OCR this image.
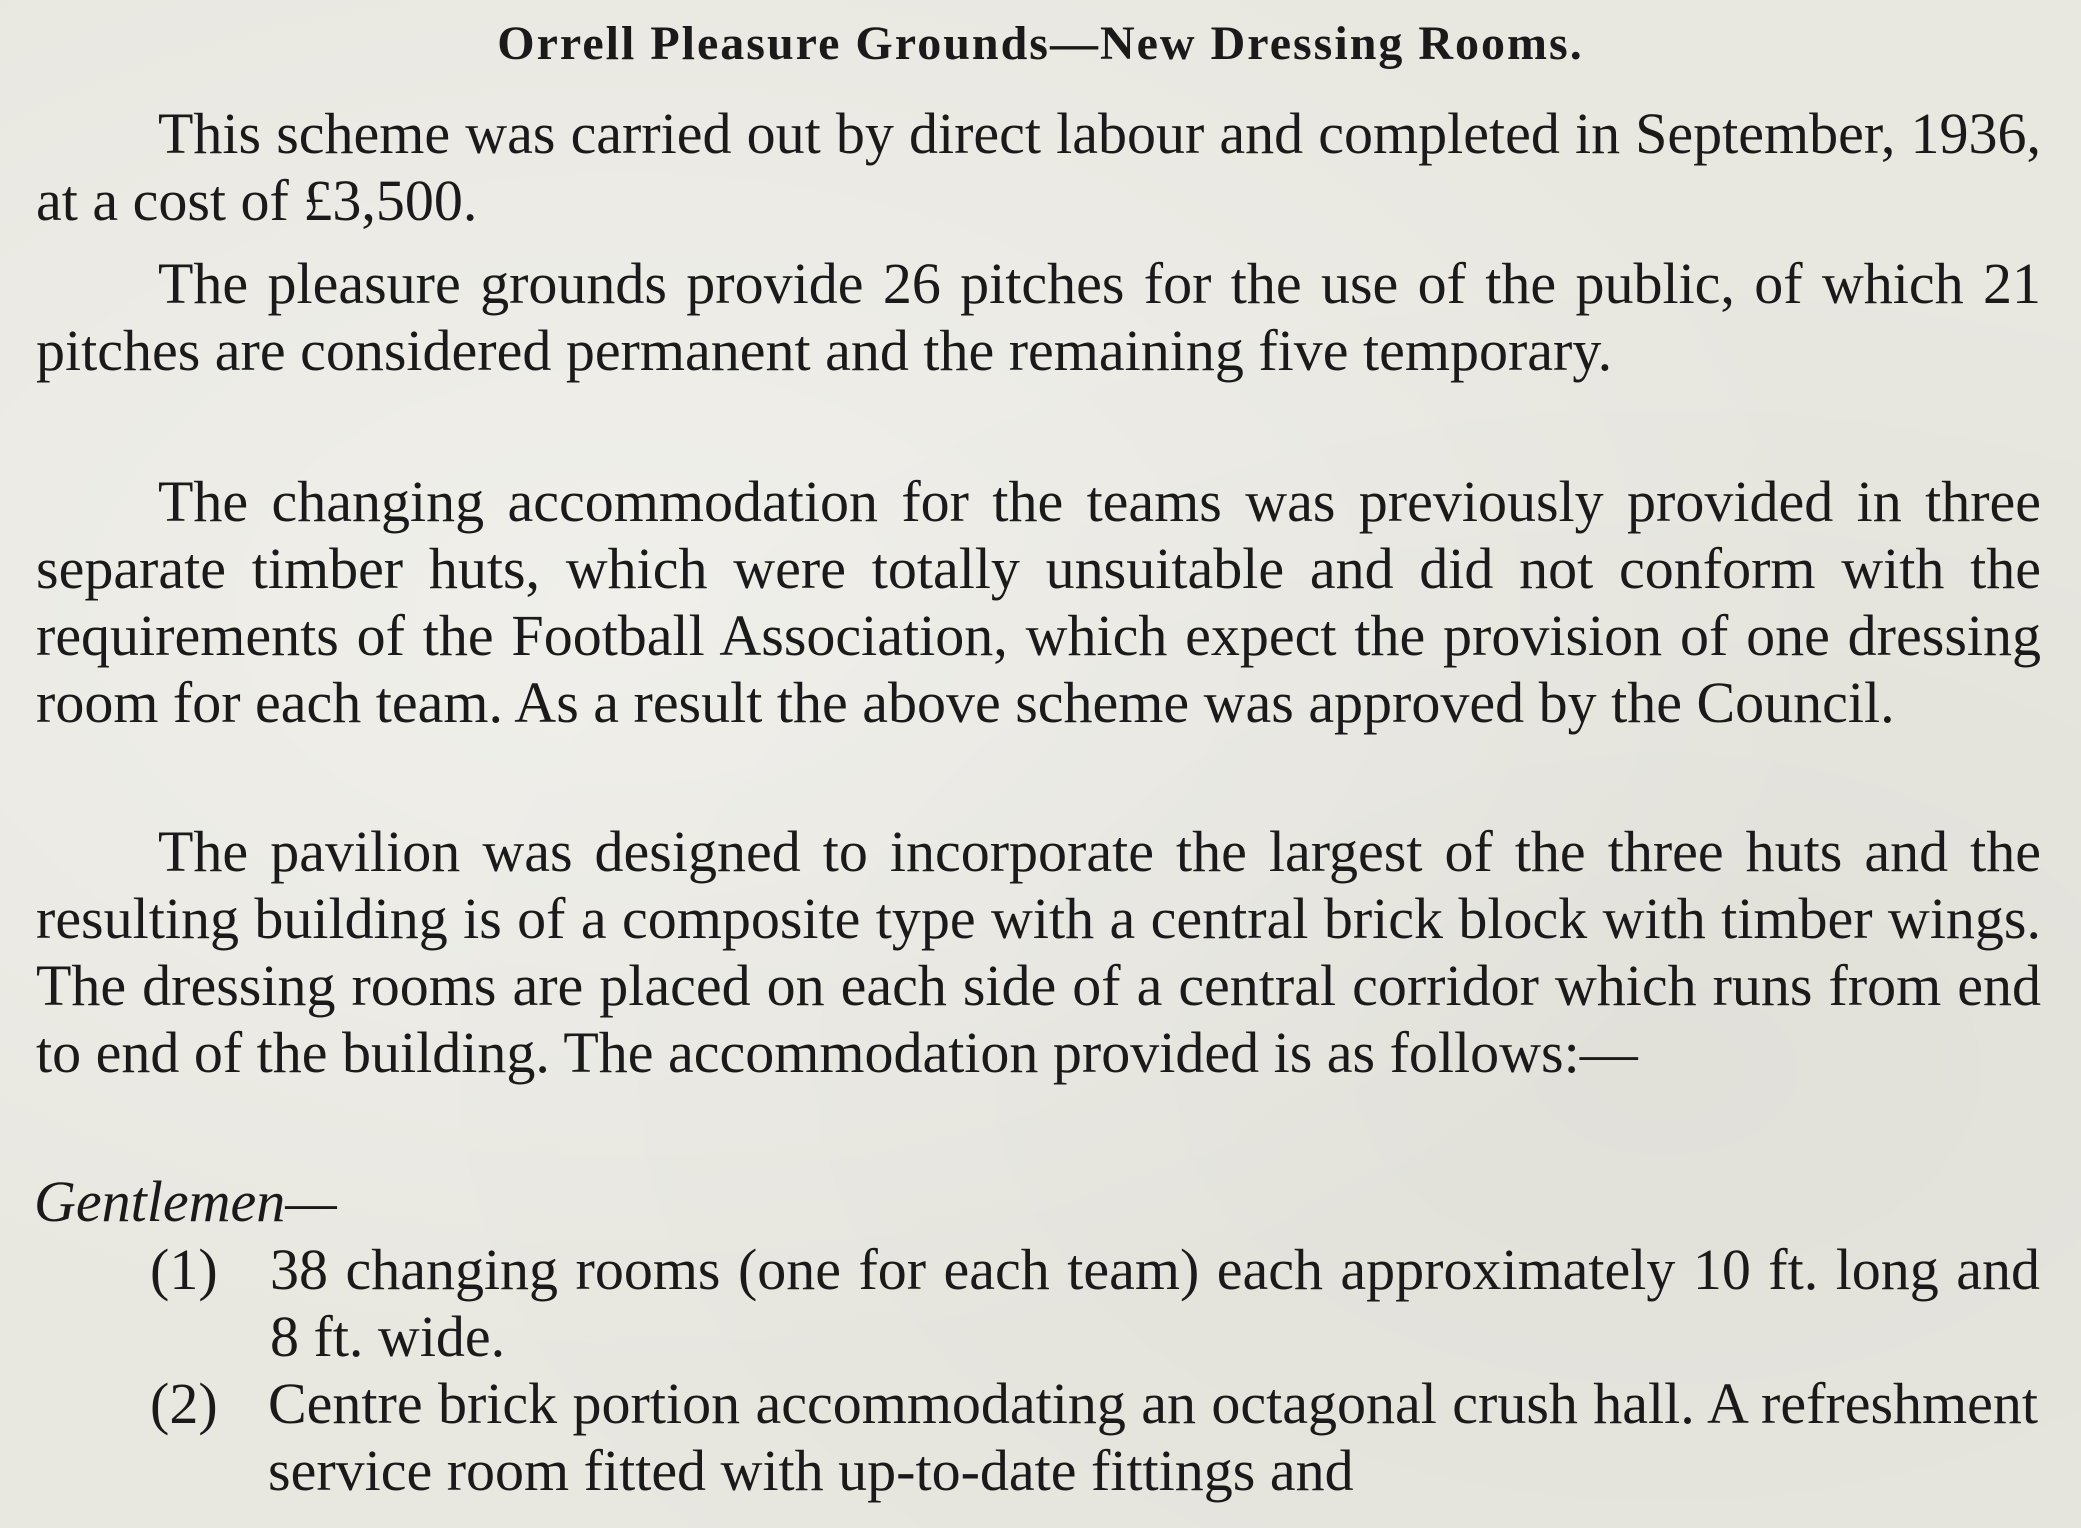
Orrell Pleasure Grounds—New Dressing Rooms.

This scheme was carried out by direct labour and completed in September, 1936, at a cost of £3,500.

The pleasure grounds provide 26 pitches for the use of the public, of which 21 pitches are considered permanent and the remaining five temporary.

The changing accommodation for the teams was previously provided in three separate timber huts, which were totally unsuitable and did not conform with the requirements of the Football Association, which expect the provision of one dressing room for each team. As a result the above scheme was approved by the Council.

The pavilion was designed to incorporate the largest of the three huts and the resulting building is of a composite type with a central brick block with timber wings. The dressing rooms are placed on each side of a central corridor which runs from end to end of the building. The accommodation provided is as follows:—

Gentlemen—
(1) 38 changing rooms (one for each team) each approximately 10 ft. long and 8 ft. wide.
(2) Centre brick portion accommodating an octagonal crush hall. A refreshment service room fitted with up-to-date fittings and
